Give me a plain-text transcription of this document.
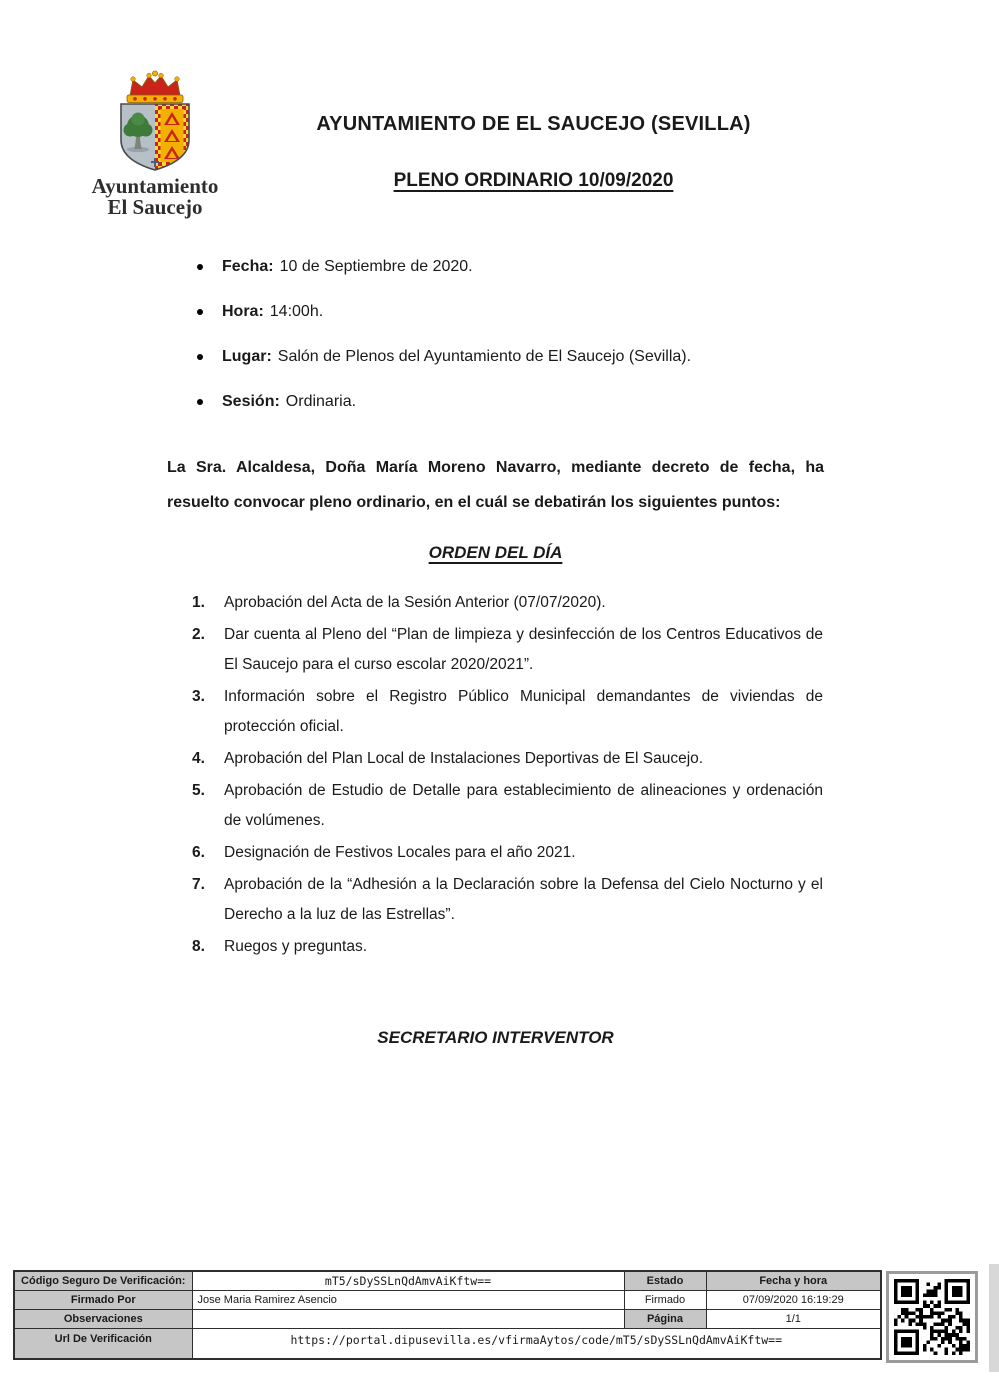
Ayuntamiento
El Saucejo
AYUNTAMIENTO DE EL SAUCEJO (SEVILLA)
PLENO ORDINARIO 10/09/2020
Fecha: 10 de Septiembre de 2020.
Hora: 14:00h.
Lugar: Salón de Plenos del Ayuntamiento de El Saucejo (Sevilla).
Sesión: Ordinaria.

La Sra. Alcaldesa, Doña María Moreno Navarro, mediante decreto de fecha, ha resuelto convocar pleno ordinario, en el cuál se debatirán los siguientes puntos:

ORDEN DEL DÍA
1.	Aprobación del Acta de la Sesión Anterior (07/07/2020).
2.	Dar cuenta al Pleno del “Plan de limpieza y desinfección de los Centros Educativos de El Saucejo para el curso escolar 2020/2021”.
3.	Información sobre el Registro Público Municipal demandantes de viviendas de protección oficial.
4.	Aprobación del Plan Local de Instalaciones Deportivas de El Saucejo.
5.	Aprobación de Estudio de Detalle para establecimiento de alineaciones y ordenación de volúmenes.
6.	Designación de Festivos Locales para el año 2021.
7.	Aprobación de la “Adhesión a la Declaración sobre la Defensa del Cielo Nocturno y el Derecho a la luz de las Estrellas”.
8.	Ruegos y preguntas.
SECRETARIO INTERVENTOR
Código Seguro De Verificación:	mT5/sDySSLnQdAmvAiKftw==	Estado	Fecha y hora
Firmado Por	Jose Maria Ramirez Asencio	Firmado	07/09/2020 16:19:29
Observaciones		Página	1/1
Url De Verificación	https://portal.dipusevilla.es/vfirmaAytos/code/mT5/sDySSLnQdAmvAiKftw==		
